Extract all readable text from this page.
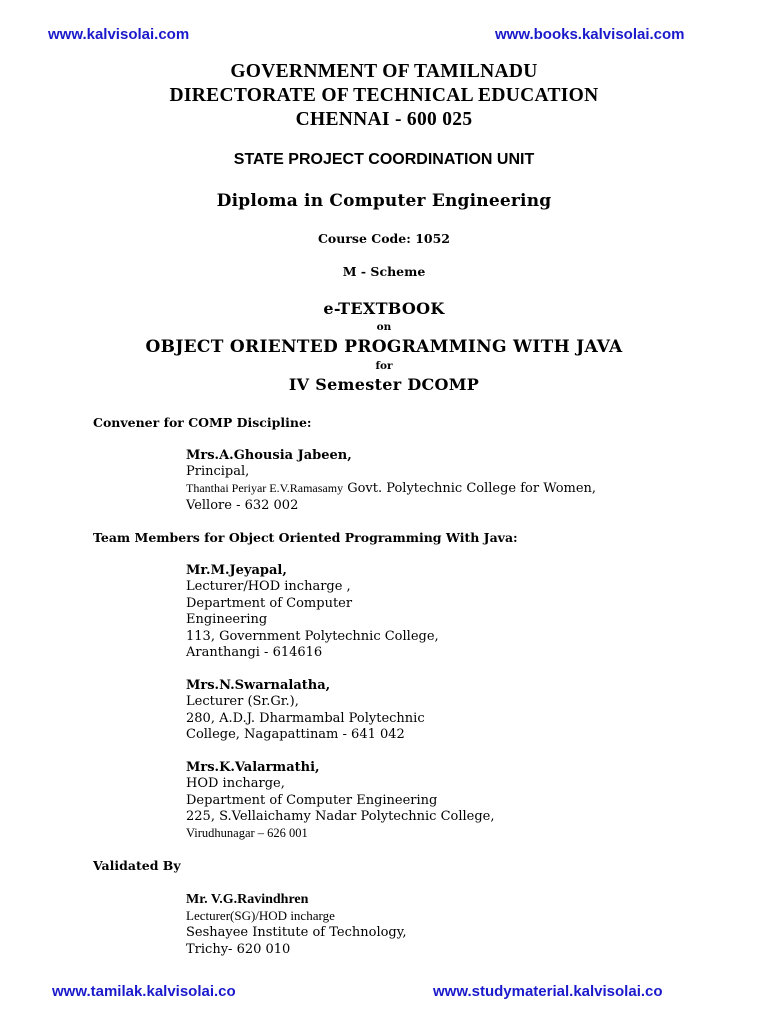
www.kalvisolai.com	www.books.kalvisolai.com
GOVERNMENT OF TAMILNADU
DIRECTORATE OF TECHNICAL EDUCATION
CHENNAI - 600 025
STATE PROJECT COORDINATION UNIT
Diploma in Computer Engineering
Course Code: 1052
M - Scheme
e-TEXTBOOK
on
OBJECT ORIENTED PROGRAMMING WITH JAVA
for
IV Semester DCOMP
Convener for COMP Discipline:
Mrs.A.Ghousia Jabeen,
Principal,
Thanthai Periyar E.V.Ramasamy Govt. Polytechnic College for Women,
Vellore - 632 002
Team Members for Object Oriented Programming With Java:
Mr.M.Jeyapal,
Lecturer/HOD incharge ,
Department of Computer
Engineering
113, Government Polytechnic College,
Aranthangi - 614616
Mrs.N.Swarnalatha,
Lecturer (Sr.Gr.),
280, A.D.J. Dharmambal Polytechnic
College, Nagapattinam - 641 042
Mrs.K.Valarmathi,
HOD incharge,
Department of Computer Engineering
225, S.Vellaichamy Nadar Polytechnic College,
Virudhunagar – 626 001
Validated By
Mr. V.G.Ravindhren
Lecturer(SG)/HOD incharge
Seshayee Institute of Technology,
Trichy- 620 010
www.tamilak.kalvisolai.co	www.studymaterial.kalvisolai.co
